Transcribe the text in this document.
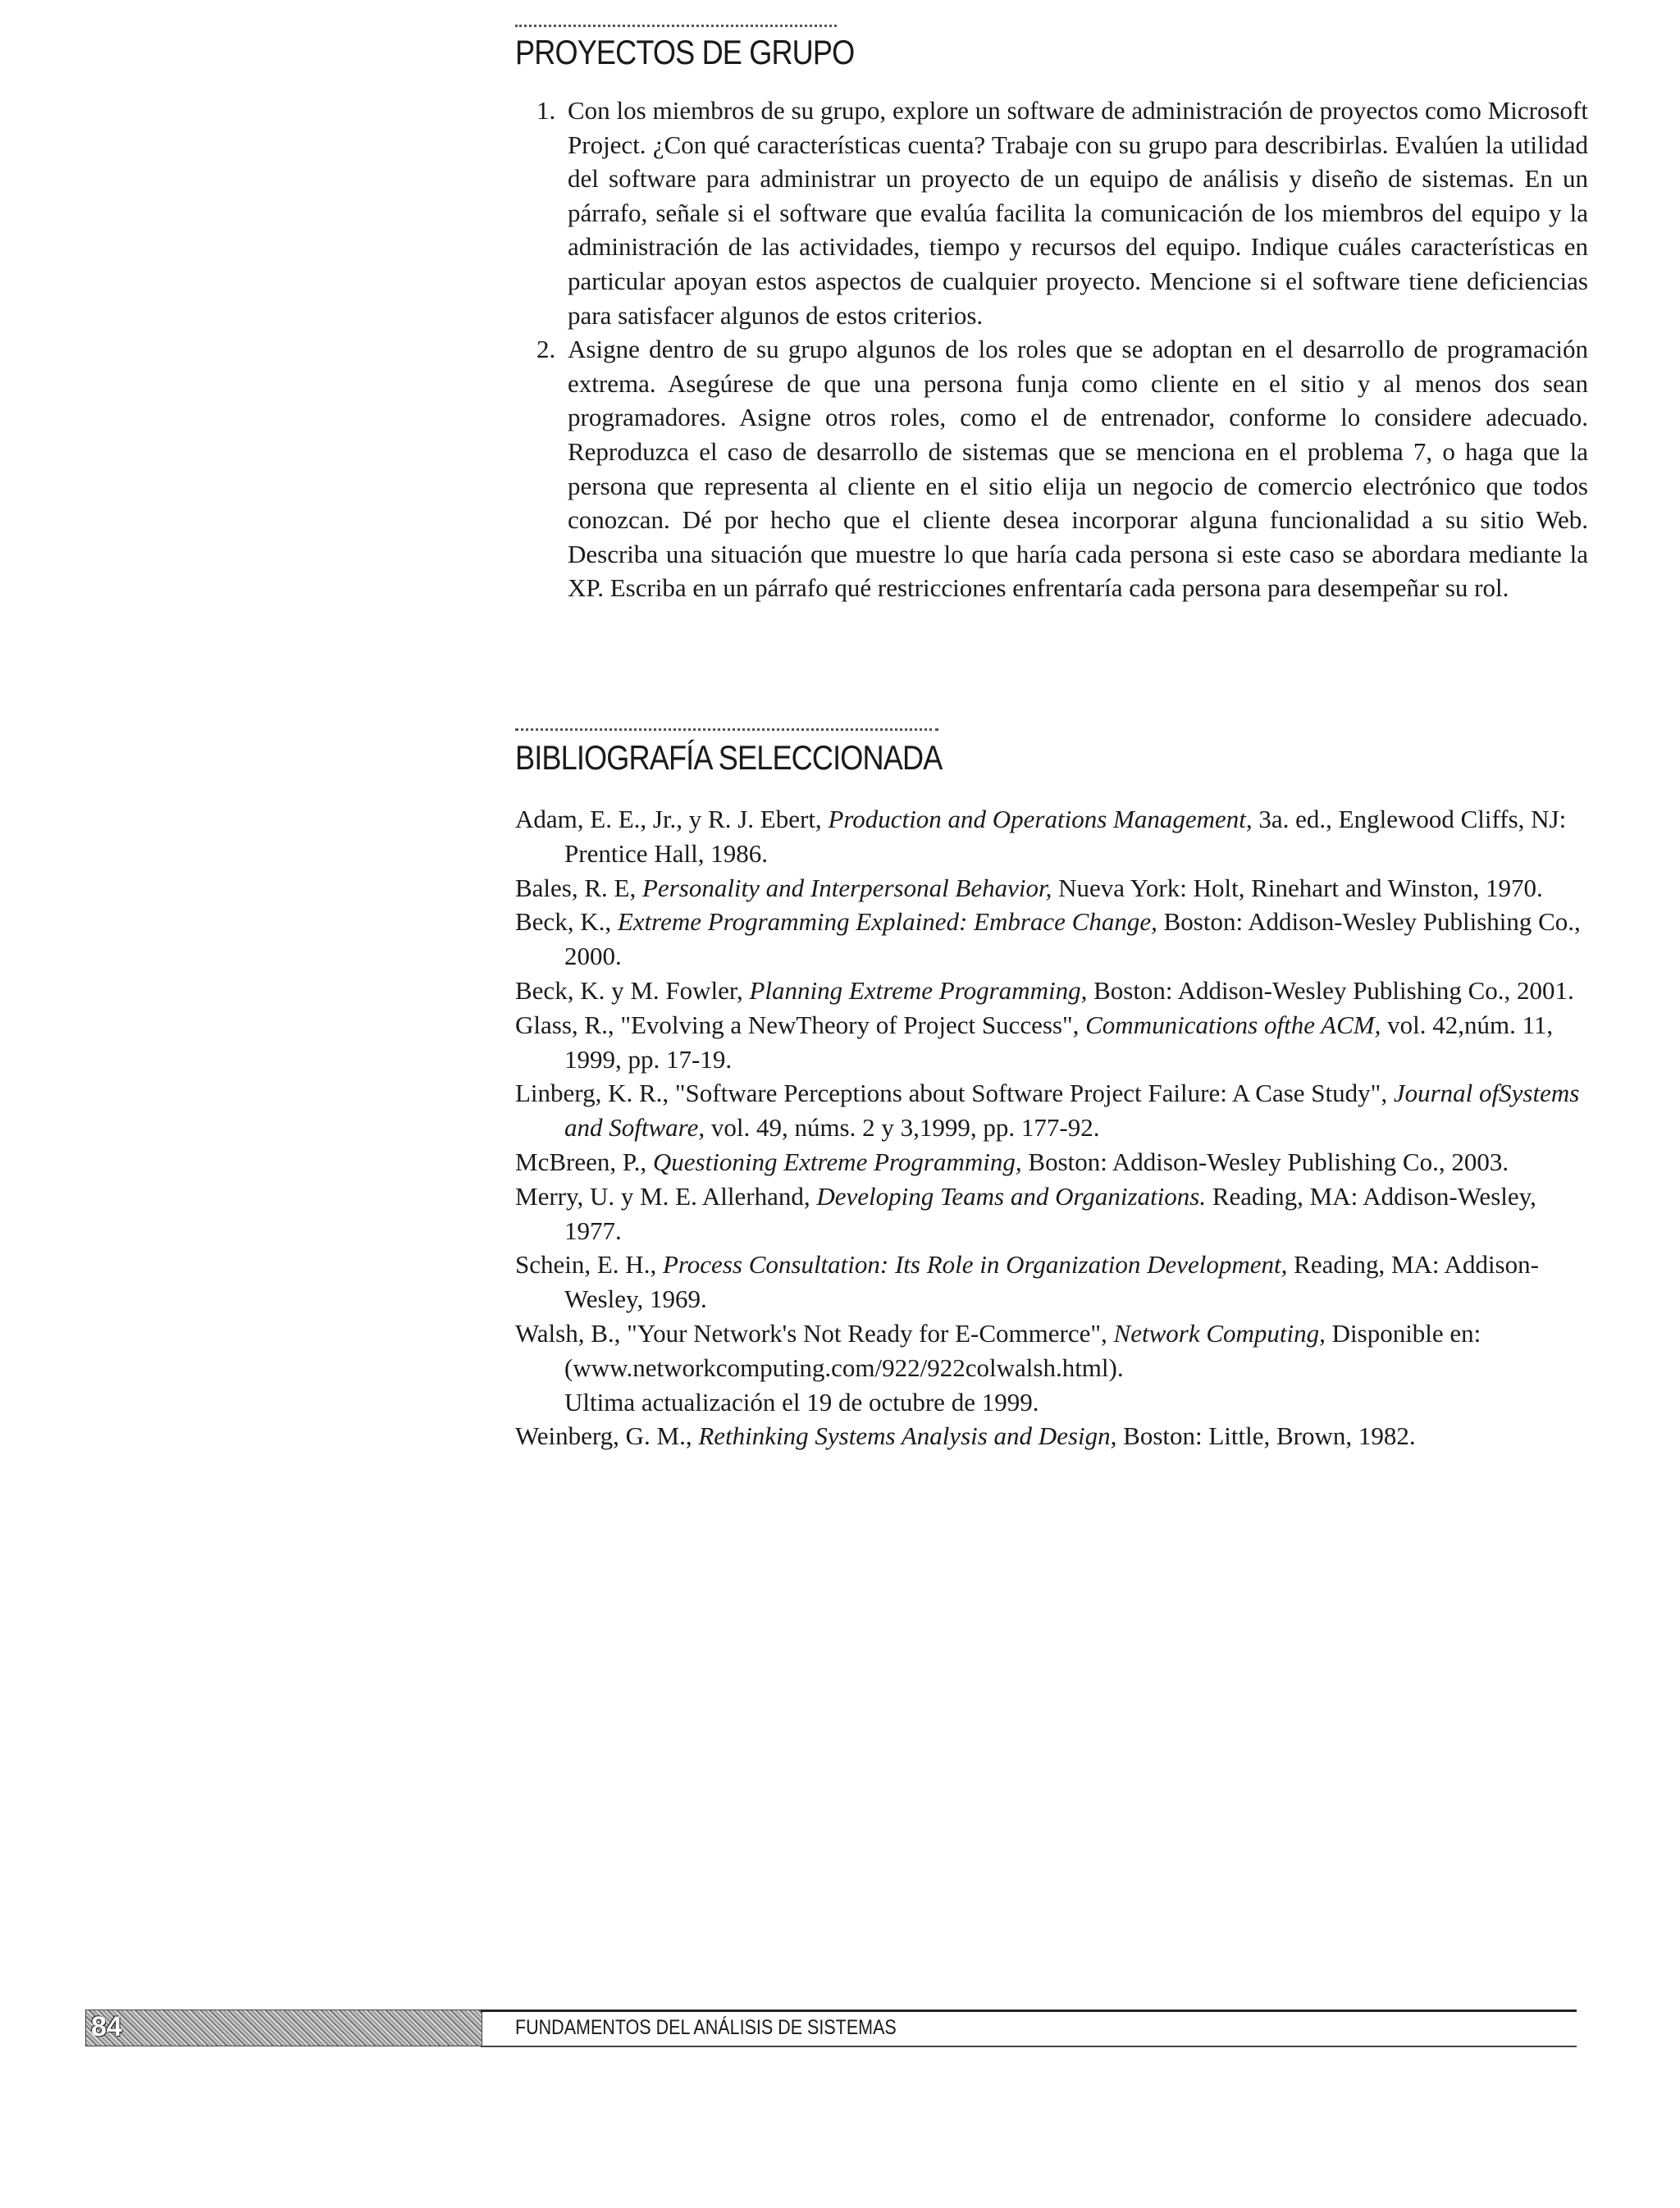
PROYECTOS DE GRUPO
1. Con los miembros de su grupo, explore un software de administración de proyectos como Microsoft Project. ¿Con qué características cuenta? Trabaje con su grupo para describirlas. Evalúen la utilidad del software para administrar un proyecto de un equipo de análisis y diseño de sistemas. En un párrafo, señale si el software que evalúa facilita la comunicación de los miembros del equipo y la administración de las actividades, tiempo y recursos del equipo. Indique cuáles características en particular apoyan estos aspectos de cualquier proyecto. Mencione si el software tiene deficiencias para satisfacer algunos de estos criterios.
2. Asigne dentro de su grupo algunos de los roles que se adoptan en el desarrollo de programación extrema. Asegúrese de que una persona funja como cliente en el sitio y al menos dos sean programadores. Asigne otros roles, como el de entrenador, conforme lo considere adecuado. Reproduzca el caso de desarrollo de sistemas que se menciona en el problema 7, o haga que la persona que representa al cliente en el sitio elija un negocio de comercio electrónico que todos conozcan. Dé por hecho que el cliente desea incorporar alguna funcionalidad a su sitio Web. Describa una situación que muestre lo que haría cada persona si este caso se abordara mediante la XP. Escriba en un párrafo qué restricciones enfrentaría cada persona para desempeñar su rol.
BIBLIOGRAFÍA SELECCIONADA
Adam, E. E., Jr., y R. J. Ebert, Production and Operations Management, 3a. ed., Englewood Cliffs, NJ: Prentice Hall, 1986.
Bales, R. E, Personality and Interpersonal Behavior, Nueva York: Holt, Rinehart and Winston, 1970.
Beck, K., Extreme Programming Explained: Embrace Change, Boston: Addison-Wesley Publishing Co., 2000.
Beck, K. y M. Fowler, Planning Extreme Programming, Boston: Addison-Wesley Publishing Co., 2001.
Glass, R., "Evolving a NewTheory of Project Success", Communications ofthe ACM, vol. 42,núm. 11, 1999, pp. 17-19.
Linberg, K. R., "Software Perceptions about Software Project Failure: A Case Study", Journal ofSystems and Software, vol. 49, núms. 2 y 3,1999, pp. 177-92.
McBreen, P., Questioning Extreme Programming, Boston: Addison-Wesley Publishing Co., 2003.
Merry, U. y M. E. Allerhand, Developing Teams and Organizations. Reading, MA: Addison-Wesley, 1977.
Schein, E. H., Process Consultation: Its Role in Organization Development, Reading, MA: Addison-Wesley, 1969.
Walsh, B., "Your Network's Not Ready for E-Commerce", Network Computing, Disponible en: (www.networkcomputing.com/922/922colwalsh.html).
Ultima actualización el 19 de octubre de 1999.
Weinberg, G. M., Rethinking Systems Analysis and Design, Boston: Little, Brown, 1982.
84	FUNDAMENTOS DEL ANÁLISIS DE SISTEMAS
